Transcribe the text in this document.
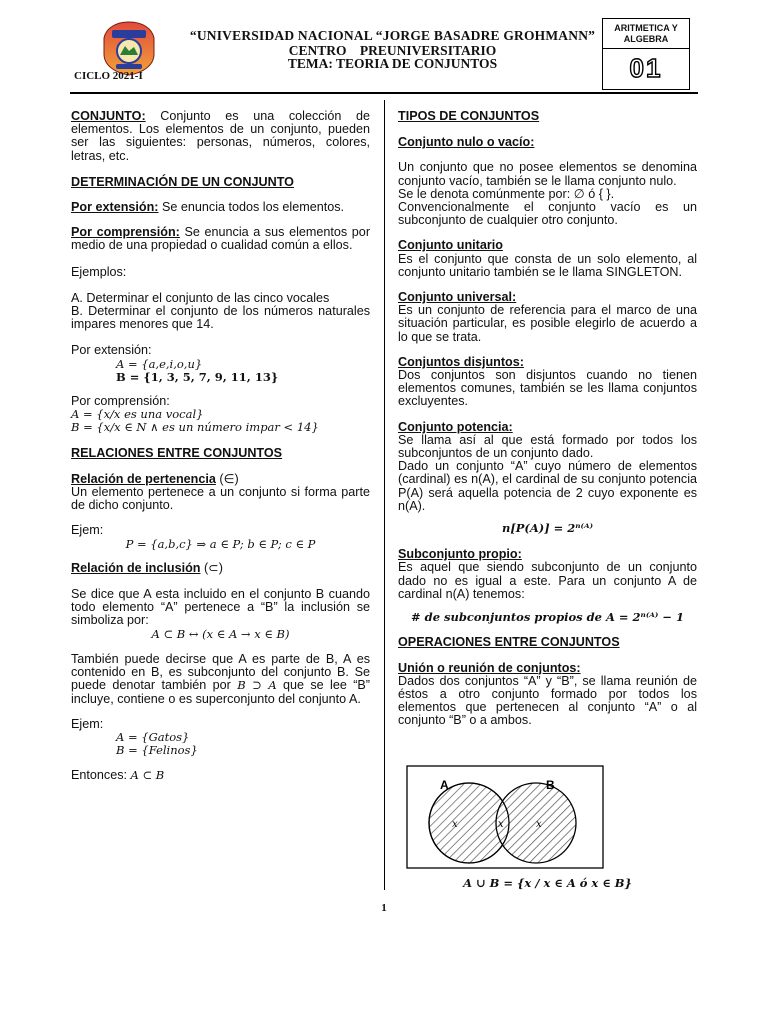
“UNIVERSIDAD NACIONAL “JORGE BASADRE GROHMANN”
CENTRO PREUNIVERSITARIO
TEMA: TEORIA DE CONJUNTOS
CICLO 2021-I
ARITMETICA Y ALGEBRA
01

CONJUNTO: Conjunto es una colección de elementos. Los elementos de un conjunto, pueden ser las siguientes: personas, números, colores, letras, etc.

DETERMINACIÓN DE UN CONJUNTO

Por extensión: Se enuncia todos los elementos.

Por comprensión: Se enuncia a sus elementos por medio de una propiedad o cualidad común a ellos.

Ejemplos:

A. Determinar el conjunto de las cinco vocales

B. Determinar el conjunto de los números naturales impares menores que 14.

Por extensión:

A = {a,e,i,o,u}

B = {1, 3, 5, 7, 9, 11, 13}

Por comprensión:

A = {x/x es una vocal}

B = {x/x ∈ N ∧ es un número impar < 14}

RELACIONES ENTRE CONJUNTOS

Relación de pertenencia (∈)

Un elemento pertenece a un conjunto si forma parte de dicho conjunto.

Ejem:

P = {a,b,c} ⇒ a ∈ P; b ∈ P; c ∈ P

Relación de inclusión (⊂)

Se dice que A esta incluido en el conjunto B cuando todo elemento “A” pertenece a “B” la inclusión se simboliza por:

A ⊂ B ↔ (x ∈ A → x ∈ B)

También puede decirse que A es parte de B, A es contenido en B, es subconjunto del conjunto B. Se puede denotar también por B ⊃ A que se lee “B” incluye, contiene o es superconjunto del conjunto A.

Ejem:

A = {Gatos}

B = {Felinos}

Entonces: A ⊂ B

TIPOS DE CONJUNTOS

Conjunto nulo o vacío:

Un conjunto que no posee elementos se denomina conjunto vacío, también se le llama conjunto nulo.

Se le denota comúnmente por: ∅ ó { }.

Convencionalmente el conjunto vacío es un subconjunto de cualquier otro conjunto.

Conjunto unitario

Es el conjunto que consta de un solo elemento, al conjunto unitario también se le llama SINGLETON.

Conjunto universal:

Es un conjunto de referencia para el marco de una situación particular, es posible elegirlo de acuerdo a lo que se trata.

Conjuntos disjuntos:

Dos conjuntos son disjuntos cuando no tienen elementos comunes, también se les llama conjuntos excluyentes.

Conjunto potencia:

Se llama así al que está formado por todos los subconjuntos de un conjunto dado.

Dado un conjunto “A” cuyo número de elementos (cardinal) es n(A), el cardinal de su conjunto potencia P(A) será aquella potencia de 2 cuyo exponente es n(A).

n[P(A)] = 2ⁿ⁽ᴬ⁾

Subconjunto propio:

Es aquel que siendo subconjunto de un conjunto dado no es igual a este. Para un conjunto A de cardinal n(A) tenemos:

# de subconjuntos propios de A = 2ⁿ⁽ᴬ⁾ − 1

OPERACIONES ENTRE CONJUNTOS

Unión o reunión de conjuntos:

Dados dos conjuntos “A” y “B”, se llama reunión de éstos a otro conjunto formado por todos los elementos que pertenecen al conjunto “A” o al conjunto “B” o a ambos.

A	B
x	x	x

A ∪ B = {x / x ∈ A ó x ∈ B}

1
